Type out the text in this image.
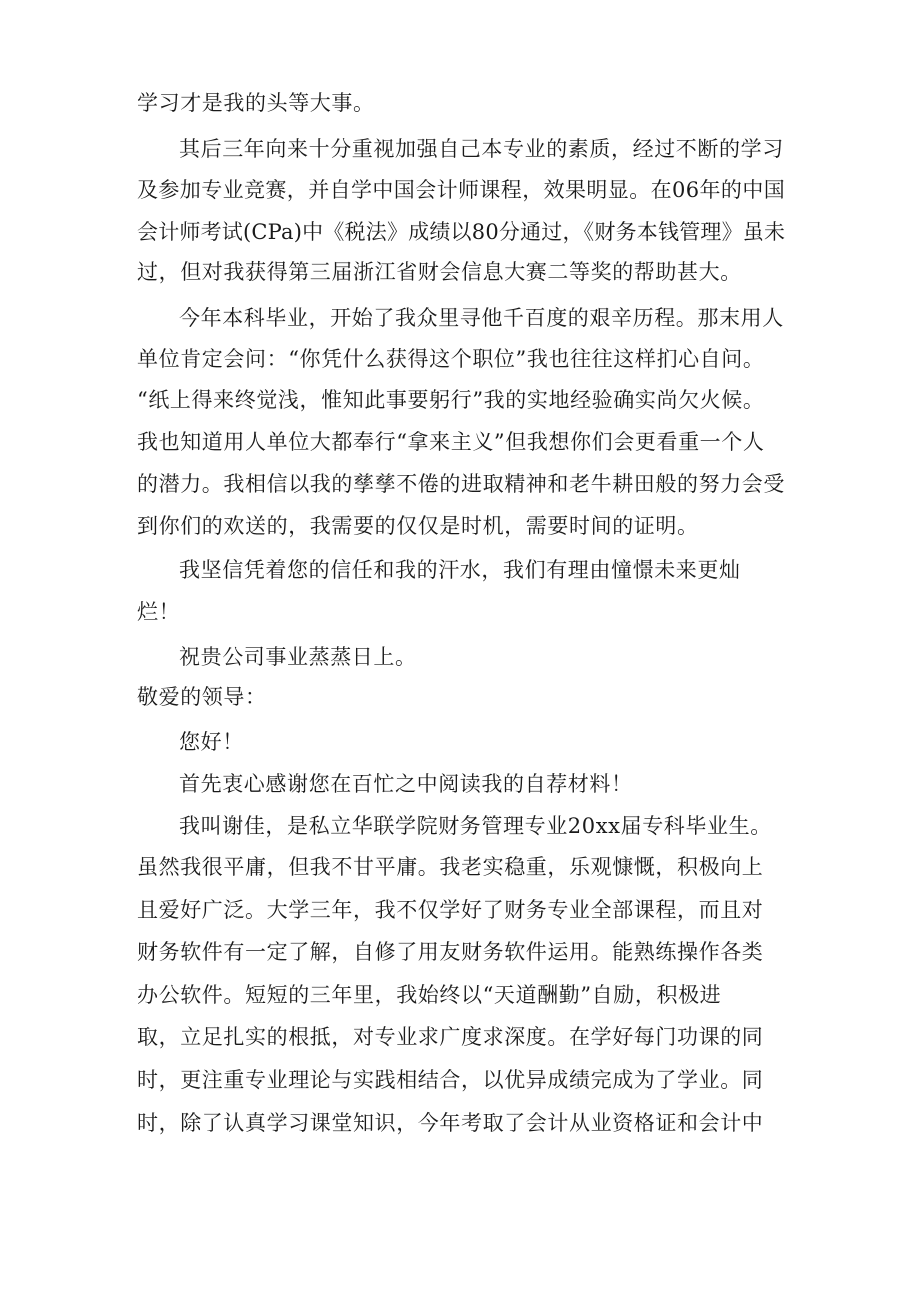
学习才是我的头等大事。
其后三年向来十分重视加强自己本专业的素质，经过不断的学习
及参加专业竞赛，并自学中国会计师课程，效果明显。在06年的中国
会计师考试(CPa)中《税法》成绩以80分通过，《财务本钱管理》虽未
过，但对我获得第三届浙江省财会信息大赛二等奖的帮助甚大。
今年本科毕业，开始了我众里寻他千百度的艰辛历程。那末用人
单位肯定会问：“你凭什么获得这个职位”我也往往这样扪心自问。
“纸上得来终觉浅，惟知此事要躬行”我的实地经验确实尚欠火候。
我也知道用人单位大都奉行“拿来主义”但我想你们会更看重一个人
的潜力。我相信以我的孳孳不倦的进取精神和老牛耕田般的努力会受
到你们的欢送的，我需要的仅仅是时机，需要时间的证明。
我坚信凭着您的信任和我的汗水，我们有理由憧憬未来更灿
烂！
祝贵公司事业蒸蒸日上。
敬爱的领导：
您好！
首先衷心感谢您在百忙之中阅读我的自荐材料！
我叫谢佳，是私立华联学院财务管理专业20xx届专科毕业生。
虽然我很平庸，但我不甘平庸。我老实稳重，乐观慷慨，积极向上
且爱好广泛。大学三年，我不仅学好了财务专业全部课程，而且对
财务软件有一定了解，自修了用友财务软件运用。能熟练操作各类
办公软件。短短的三年里，我始终以“天道酬勤”自励，积极进
取，立足扎实的根抵，对专业求广度求深度。在学好每门功课的同
时，更注重专业理论与实践相结合，以优异成绩完成为了学业。同
时，除了认真学习课堂知识，今年考取了会计从业资格证和会计中
